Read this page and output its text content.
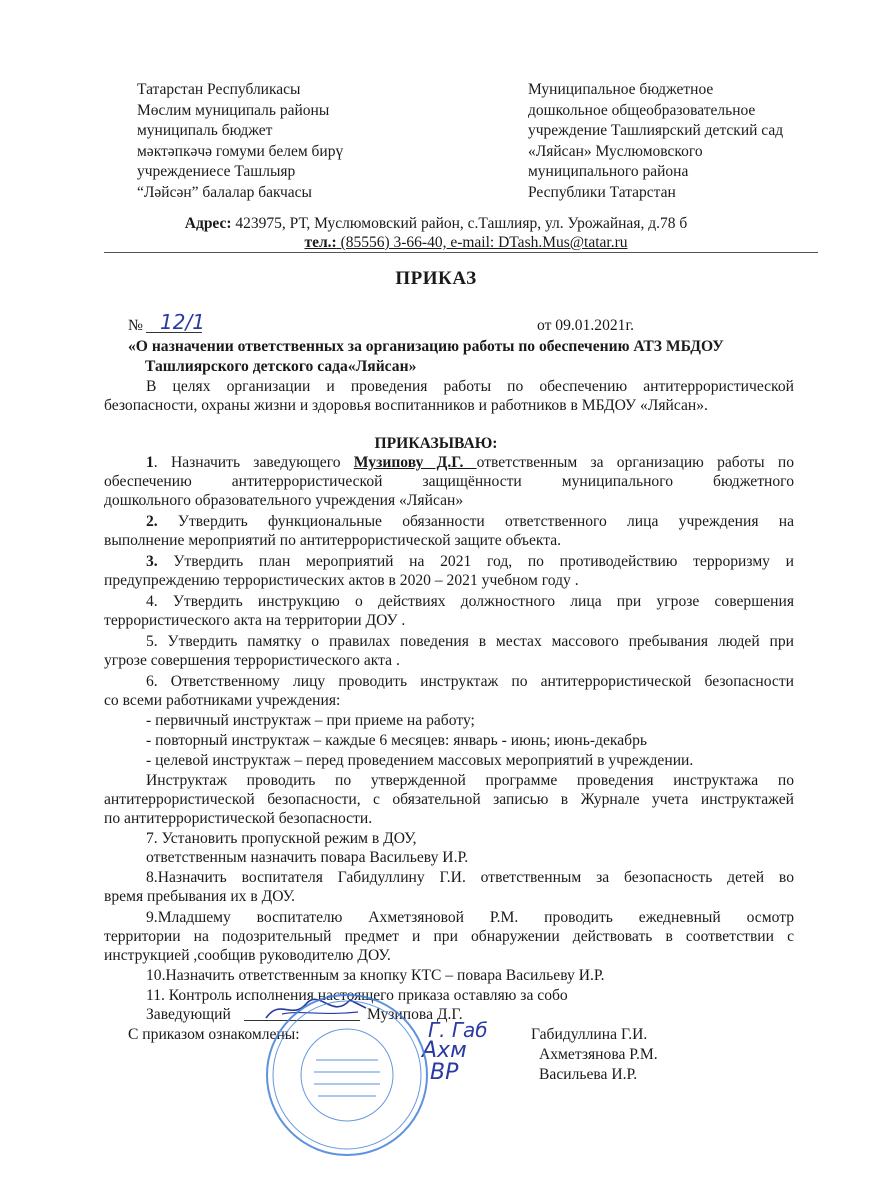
Татарстан Республикасы
Мөслим муниципаль районы
муниципаль бюджет
мәктәпкәчә гомуми белем бирү
учреждениесе Ташлыяр
“Ләйсән” балалар бакчасы
Муниципальное бюджетное
дошкольное общеобразовательное
учреждение Ташлиярский детский сад
«Ляйсан» Муслюмовского
муниципального района
Республики Татарстан
Адрес: 423975, РТ, Муслюмовский район, с.Ташлияр, ул. Урожайная, д.78 б
тел.: (85556) 3-66-40, e-mail: DTash.Mus@tatar.ru
ПРИКАЗ
№ 12/1	от 09.01.2021г.
«О назначении ответственных за организацию работы по обеспечению АТЗ МБДОУ
Ташлиярского детского сада«Ляйсан»
В целях организации и проведения работы по обеспечению антитеррористической
безопасности, охраны жизни и здоровья воспитанников и работников в МБДОУ «Ляйсан».
ПРИКАЗЫВАЮ:
1. Назначить заведующего Музипову Д.Г. ответственным за организацию работы по
обеспечению антитеррористической защищённости муниципального бюджетного
дошкольного образовательного учреждения «Ляйсан»
2. Утвердить функциональные обязанности ответственного лица учреждения на
выполнение мероприятий по антитеррористической защите объекта.
3. Утвердить план мероприятий на 2021 год, по противодействию терроризму и
предупреждению террористических актов в 2020 – 2021 учебном году .
4. Утвердить инструкцию о действиях должностного лица при угрозе совершения
террористического акта на территории ДОУ .
5. Утвердить памятку о правилах поведения в местах массового пребывания людей при
угрозе совершения террористического акта .
6. Ответственному лицу проводить инструктаж по антитеррористической безопасности
со всеми работниками учреждения:
- первичный инструктаж – при приеме на работу;
- повторный инструктаж – каждые 6 месяцев: январь - июнь; июнь-декабрь
- целевой инструктаж – перед проведением массовых мероприятий в учреждении.
Инструктаж проводить по утвержденной программе проведения инструктажа по
антитеррористической безопасности, с обязательной записью в Журнале учета инструктажей
по антитеррористической безопасности.
7. Установить пропускной режим в ДОУ,
ответственным назначить повара Васильеву И.Р.
8.Назначить воспитателя Габидуллину Г.И. ответственным за безопасность детей во
время пребывания их в ДОУ.
9.Младшему воспитателю Ахметзяновой Р.М. проводить ежедневный осмотр
территории на подозрительный предмет и при обнаружении действовать в соответствии с
инструкцией ,сообщив руководителю ДОУ.
10.Назначить ответственным за кнопку КТС – повара Васильеву И.Р.
11. Контроль исполнения настоящего приказа оставляю за собо
Заведующий	Музипова Д.Г.
С приказом ознакомлены:	Г. Габ
Ахм
ВР
Габидуллина Г.И.
Ахметзянова Р.М.
Васильева И.Р.
